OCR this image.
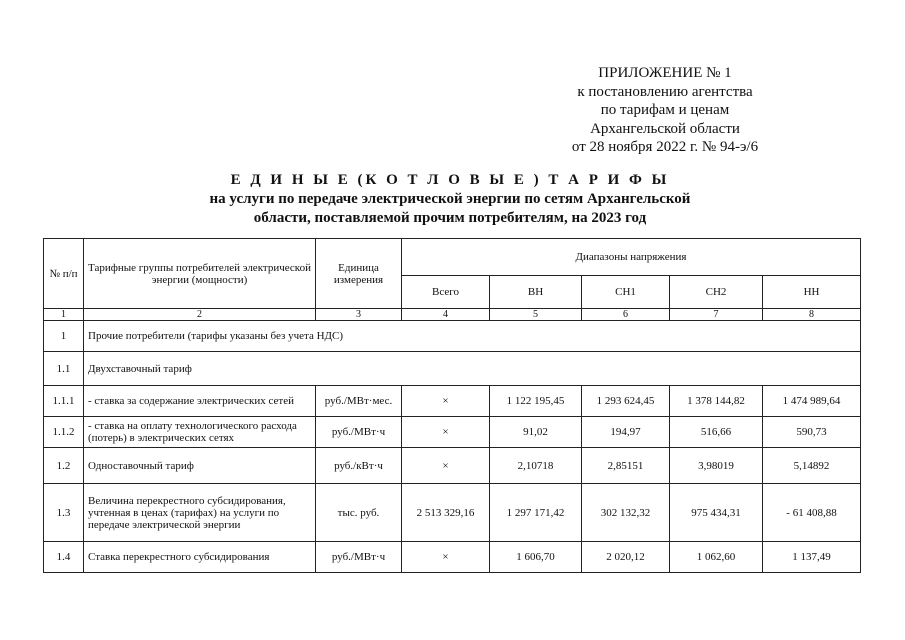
ПРИЛОЖЕНИЕ № 1
к постановлению агентства
по тарифам и ценам
Архангельской области
от 28 ноября 2022 г. № 94-э/6
Е Д И Н Ы Е (К О Т Л О В Ы Е ) Т А Р И Ф Ы
на услуги по передаче электрической энергии по сетям Архангельской
области, поставляемой прочим потребителям, на 2023 год
№ п/п	Тарифные группы потребителей электрической энергии (мощности)	Единица измерения	Диапазоны напряжения				
			Всего	ВН	СН1	СН2	НН
1	2	3	4	5	6	7	8
1	Прочие потребители (тарифы указаны без учета НДС)						
1.1	Двухставочный тариф						
1.1.1	- ставка за содержание электрических сетей	руб./МВт·мес.	×	1 122 195,45	1 293 624,45	1 378 144,82	1 474 989,64
1.1.2	- ставка на оплату технологического расхода (потерь) в электрических сетях	руб./МВт·ч	×	91,02	194,97	516,66	590,73
1.2	Одноставочный тариф	руб./кВт·ч	×	2,10718	2,85151	3,98019	5,14892
1.3	Величина перекрестного субсидирования, учтенная в ценах (тарифах) на услуги по передаче электрической энергии	тыс. руб.	2 513 329,16	1 297 171,42	302 132,32	975 434,31	- 61 408,88
1.4	Ставка перекрестного субсидирования	руб./МВт·ч	×	1 606,70	2 020,12	1 062,60	1 137,49
